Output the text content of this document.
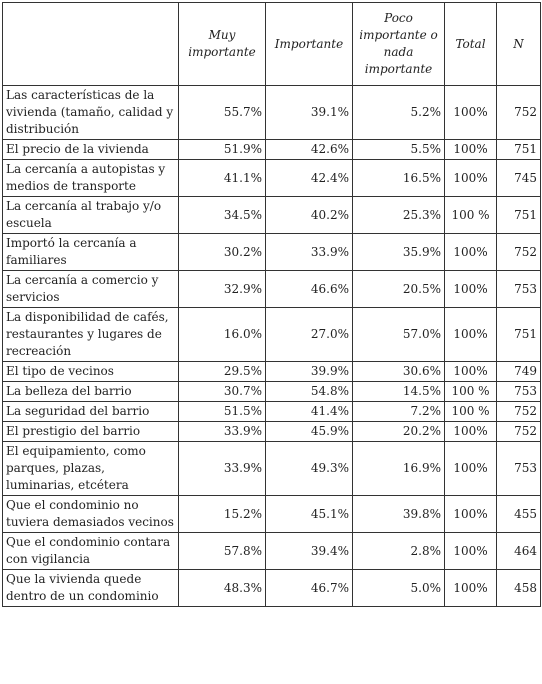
	Muy importante	Importante	Poco importante o nada importante	Total	N
Las características de la vivienda (tamaño, calidad y distribución	55.7%	39.1%	5.2%	100%	752
El precio de la vivienda	51.9%	42.6%	5.5%	100%	751
La cercanía a autopistas y medios de transporte	41.1%	42.4%	16.5%	100%	745
La cercanía al trabajo y/o escuela	34.5%	40.2%	25.3%	100 %	751
Importó la cercanía a familiares	30.2%	33.9%	35.9%	100%	752
La cercanía a comercio y servicios	32.9%	46.6%	20.5%	100%	753
La disponibilidad de cafés, restaurantes y lugares de recreación	16.0%	27.0%	57.0%	100%	751
El tipo de vecinos	29.5%	39.9%	30.6%	100%	749
La belleza del barrio	30.7%	54.8%	14.5%	100 %	753
La seguridad del barrio	51.5%	41.4%	7.2%	100 %	752
El prestigio del barrio	33.9%	45.9%	20.2%	100%	752
El equipamiento, como parques, plazas, luminarias, etcétera	33.9%	49.3%	16.9%	100%	753
Que el condominio no tuviera demasiados vecinos	15.2%	45.1%	39.8%	100%	455
Que el condominio contara con vigilancia	57.8%	39.4%	2.8%	100%	464
Que la vivienda quede dentro de un condominio	48.3%	46.7%	5.0%	100%	458
